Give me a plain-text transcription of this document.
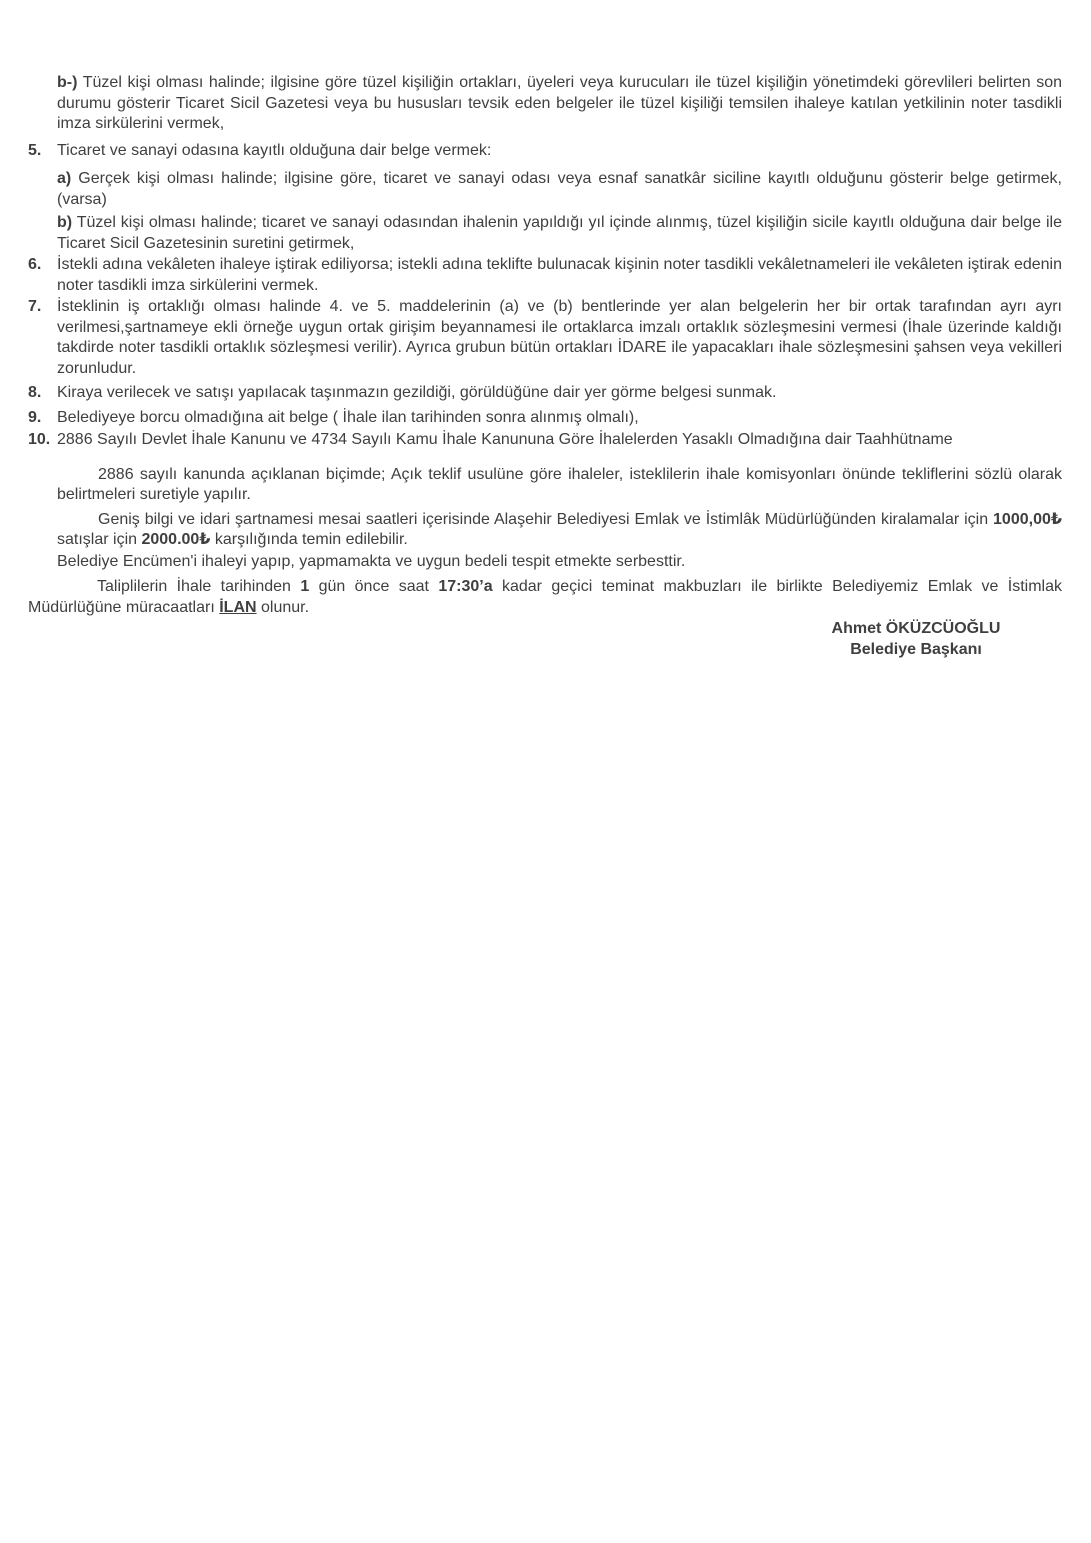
b-) Tüzel kişi olması halinde; ilgisine göre tüzel kişiliğin ortakları, üyeleri veya kurucuları ile tüzel kişiliğin yönetimdeki görevlileri belirten son durumu gösterir Ticaret Sicil Gazetesi veya bu hususları tevsik eden belgeler ile tüzel kişiliği temsilen ihaleye katılan yetkilinin noter tasdikli imza sirkülerini vermek,
5. Ticaret ve sanayi odasına kayıtlı olduğuna dair belge vermek:
a) Gerçek kişi olması halinde; ilgisine göre, ticaret ve sanayi odası veya esnaf sanatkâr siciline kayıtlı olduğunu gösterir belge getirmek, (varsa)
b) Tüzel kişi olması halinde; ticaret ve sanayi odasından ihalenin yapıldığı yıl içinde alınmış, tüzel kişiliğin sicile kayıtlı olduğuna dair belge ile Ticaret Sicil Gazetesinin suretini getirmek,
6. İstekli adına vekâleten ihaleye iştirak ediliyorsa; istekli adına teklifte bulunacak kişinin noter tasdikli vekâletnameleri ile vekâleten iştirak edenin noter tasdikli imza sirkülerini vermek.
7. İsteklinin iş ortaklığı olması halinde 4. ve 5. maddelerinin (a) ve (b) bentlerinde yer alan belgelerin her bir ortak tarafından ayrı ayrı verilmesi,şartnameye ekli örneğe uygun ortak girişim beyannamesi ile ortaklarca imzalı ortaklık sözleşmesini vermesi (İhale üzerinde kaldığı takdirde noter tasdikli ortaklık sözleşmesi verilir). Ayrıca grubun bütün ortakları İDARE ile yapacakları ihale sözleşmesini şahsen veya vekilleri zorunludur.
8. Kiraya verilecek ve satışı yapılacak taşınmazın gezildiği, görüldüğüne dair yer görme belgesi sunmak.
9. Belediyeye borcu olmadığına ait belge ( İhale ilan tarihinden sonra alınmış olmalı),
10. 2886 Sayılı Devlet İhale Kanunu ve 4734 Sayılı Kamu İhale Kanununa Göre İhalelerden Yasaklı Olmadığına dair Taahhütname
2886 sayılı kanunda açıklanan biçimde; Açık teklif usulüne göre ihaleler, isteklilerin ihale komisyonları önünde tekliflerini sözlü olarak belirtmeleri suretiyle yapılır.
Geniş bilgi ve idari şartnamesi mesai saatleri içerisinde Alaşehir Belediyesi Emlak ve İstimlâk Müdürlüğünden kiralamalar için 1000,00₺ satışlar için 2000.00₺ karşılığında temin edilebilir.
Belediye Encümen'i ihaleyi yapıp, yapmamakta ve uygun bedeli tespit etmekte serbesttir.
Taliplilerin İhale tarihinden 1 gün önce saat 17:30’a kadar geçici teminat makbuzları ile birlikte Belediyemiz Emlak ve İstimlak Müdürlüğüne müracaatları İLAN olunur.
Ahmet ÖKÜZCÜOĞLU
Belediye Başkanı
